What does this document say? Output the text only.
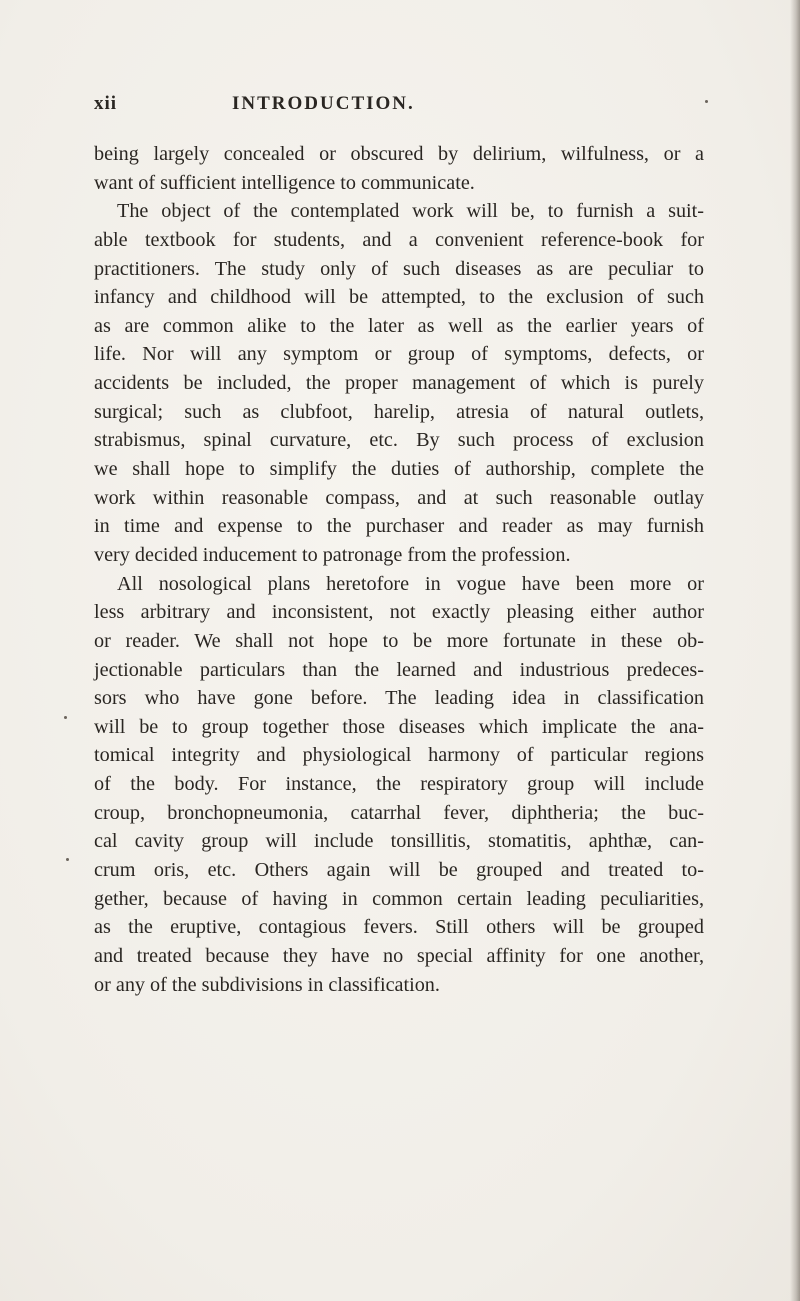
xii	INTRODUCTION.
being largely concealed or obscured by delirium, wilfulness, or a
want of sufficient intelligence to communicate.
The object of the contemplated work will be, to furnish a suit-
able textbook for students, and a convenient reference-book for
practitioners. The study only of such diseases as are peculiar to
infancy and childhood will be attempted, to the exclusion of such
as are common alike to the later as well as the earlier years of
life. Nor will any symptom or group of symptoms, defects, or
accidents be included, the proper management of which is purely
surgical; such as clubfoot, harelip, atresia of natural outlets,
strabismus, spinal curvature, etc. By such process of exclusion
we shall hope to simplify the duties of authorship, complete the
work within reasonable compass, and at such reasonable outlay
in time and expense to the purchaser and reader as may furnish
very decided inducement to patronage from the profession.
All nosological plans heretofore in vogue have been more or
less arbitrary and inconsistent, not exactly pleasing either author
or reader. We shall not hope to be more fortunate in these ob-
jectionable particulars than the learned and industrious predeces-
sors who have gone before. The leading idea in classification
will be to group together those diseases which implicate the ana-
tomical integrity and physiological harmony of particular regions
of the body. For instance, the respiratory group will include
croup, bronchopneumonia, catarrhal fever, diphtheria; the buc-
cal cavity group will include tonsillitis, stomatitis, aphthæ, can-
crum oris, etc. Others again will be grouped and treated to-
gether, because of having in common certain leading peculiarities,
as the eruptive, contagious fevers. Still others will be grouped
and treated because they have no special affinity for one another,
or any of the subdivisions in classification.
